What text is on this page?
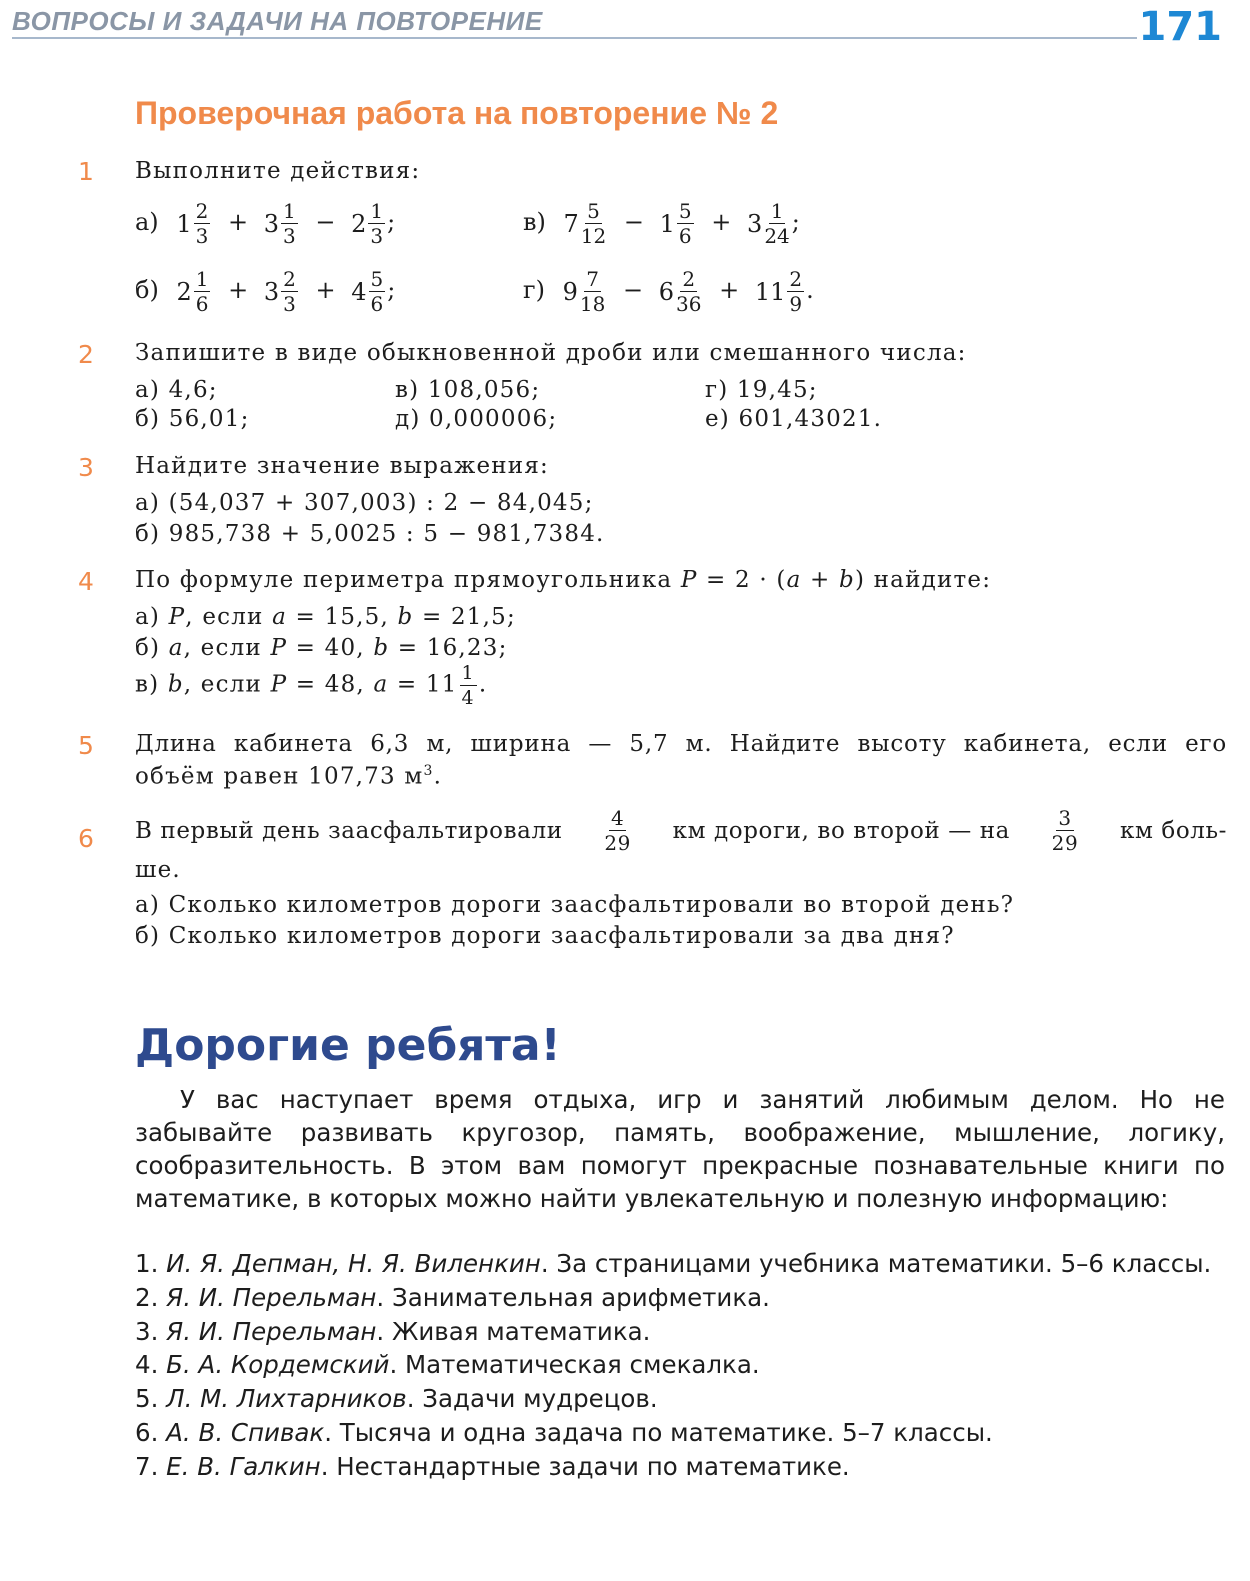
ВОПРОСЫ И ЗАДАЧИ НА ПОВТОРЕНИЕ	171
Проверочная работа на повторение № 2
1 Выполните действия:
а) $1 \frac{2}{3} + 3 \frac{1}{3} - 2 \frac{1}{3}$ ;	в) $7 \frac{5}{12} - 1 \frac{5}{6} + 3 \frac{1}{24}$ ;
б) $2 \frac{1}{6} + 3 \frac{2}{3} + 4 \frac{5}{6}$ ;	г) $9 \frac{7}{18} - 6 \frac{2}{36} + 11 \frac{2}{9}$ .
2 Запишите в виде обыкновенной дроби или смешанного числа:
а) 4,6;	в) 108,056;	г) 19,45;
б) 56,01;	д) 0,000006;	е) 601,43021.
3 Найдите значение выражения:
а) (54,037 + 307,003) : 2 − 84,045;
б) 985,738 + 5,0025 : 5 − 981,7384.
4 По формуле периметра прямоугольника P = 2 · (a + b) найдите:
а) P, если a = 15,5, b = 21,5;
б) a, если P = 40, b = 16,23;
в) b, если P = 48, $a = 11 \frac{1}{4}$ .
5 Длина кабинета 6,3 м, ширина — 5,7 м. Найдите высоту кабинета, если его
объём равен 107,73 $м^3$.
6 В первый день заасфальтировали $\frac{4}{29}$ км дороги, во второй — на $\frac{3}{29}$ км боль-
ше.
а) Сколько километров дороги заасфальтировали во второй день?
б) Сколько километров дороги заасфальтировали за два дня?
Дорогие ребята!
У вас наступает время отдыха, игр и занятий любимым делом. Но не забывайте развивать кругозор, память, воображение, мышление, логику, сообразительность. В этом вам помогут прекрасные познавательные книги по математике, в которых можно найти увлекательную и полезную информацию:
1. И. Я. Депман, Н. Я. Виленкин. За страницами учебника математики. 5–6 классы.
2. Я. И. Перельман. Занимательная арифметика.
3. Я. И. Перельман. Живая математика.
4. Б. А. Кордемский. Математическая смекалка.
5. Л. М. Лихтарников. Задачи мудрецов.
6. А. В. Спивак. Тысяча и одна задача по математике. 5–7 классы.
7. Е. В. Галкин. Нестандартные задачи по математике.
